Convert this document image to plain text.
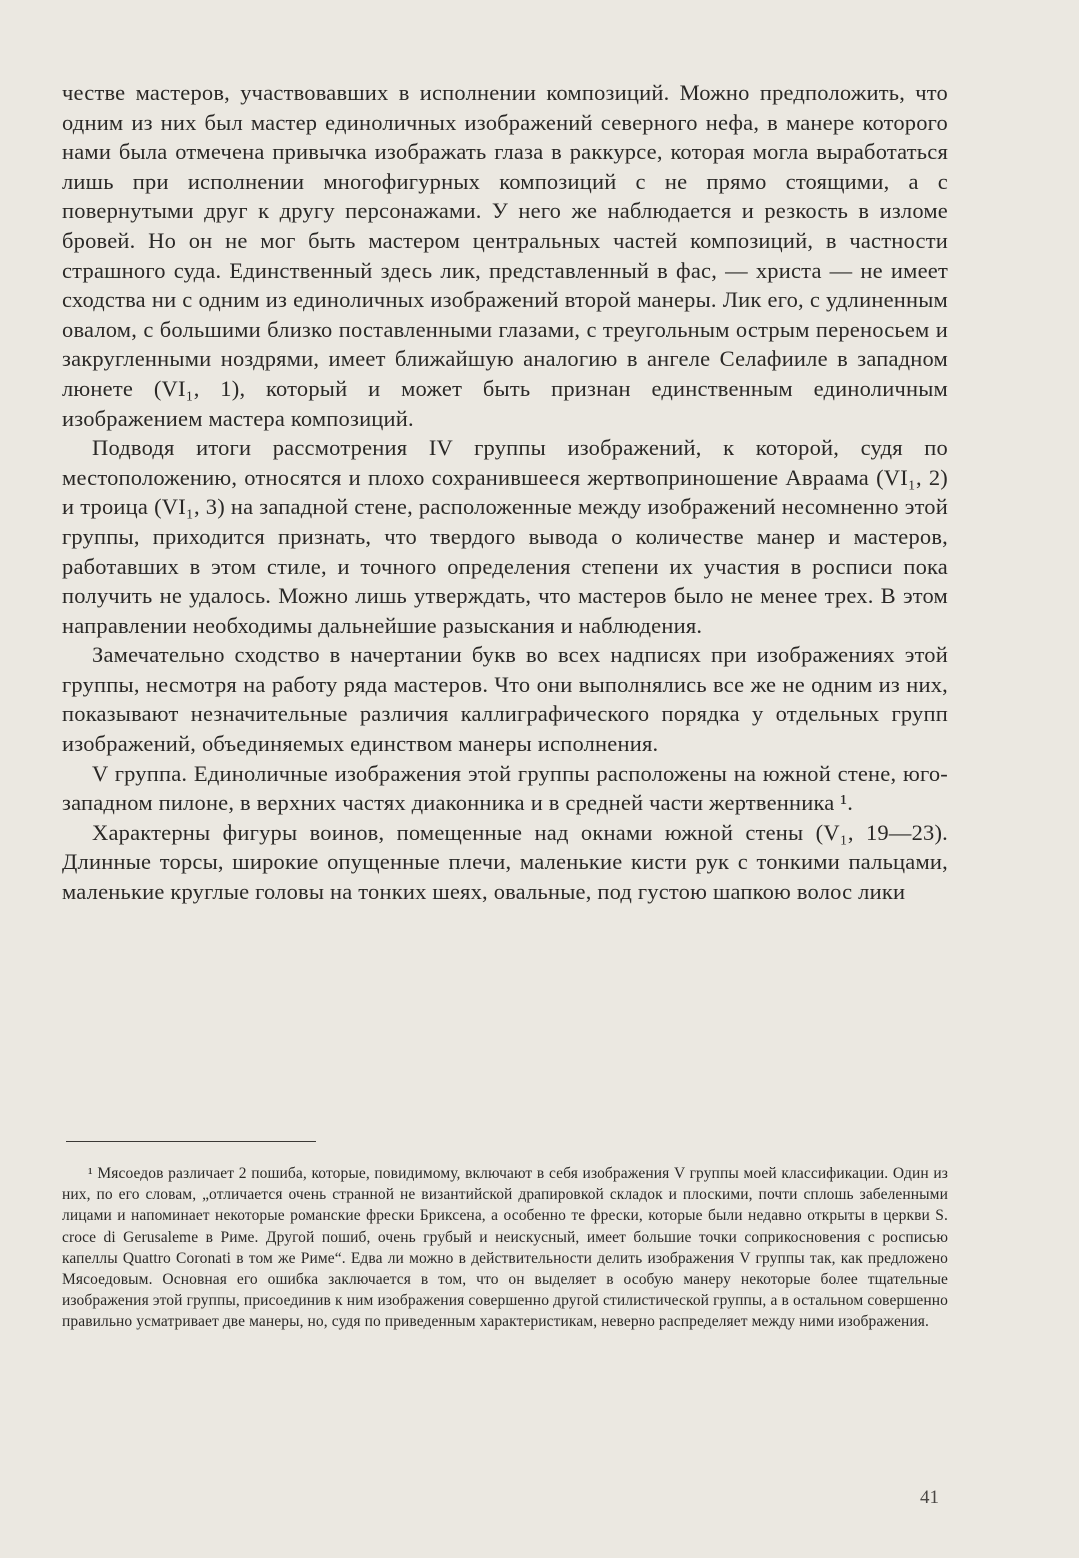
честве мастеров, участвовавших в исполнении композиций. Можно предположить, что одним из них был мастер единоличных изображений северного нефа, в манере которого нами была отмечена привычка изображать глаза в раккурсе, которая могла выработаться лишь при исполнении многофигурных композиций с не прямо стоящими, а с повернутыми друг к другу персонажами. У него же наблюдается и резкость в изломе бровей. Но он не мог быть мастером центральных частей композиций, в частности страшного суда. Единственный здесь лик, представленный в фас, — христа — не имеет сходства ни с одним из единоличных изображений второй манеры. Лик его, с удлиненным овалом, с большими близко поставленными глазами, с треугольным острым переносьем и закругленными ноздрями, имеет ближайшую аналогию в ангеле Селафииле в западном люнете (VI₁, 1), который и может быть признан единственным единоличным изображением мастера композиций.

Подводя итоги рассмотрения IV группы изображений, к которой, судя по местоположению, относятся и плохо сохранившееся жертвоприношение Авраама (VI₁, 2) и троица (VI₁, 3) на западной стене, расположенные между изображений несомненно этой группы, приходится признать, что твердого вывода о количестве манер и мастеров, работавших в этом стиле, и точного определения степени их участия в росписи пока получить не удалось. Можно лишь утверждать, что мастеров было не менее трех. В этом направлении необходимы дальнейшие разыскания и наблюдения.

Замечательно сходство в начертании букв во всех надписях при изображениях этой группы, несмотря на работу ряда мастеров. Что они выполнялись все же не одним из них, показывают незначительные различия каллиграфического порядка у отдельных групп изображений, объединяемых единством манеры исполнения.

V группа. Единоличные изображения этой группы расположены на южной стене, юго-западном пилоне, в верхних частях диаконника и в средней части жертвенника ¹.

Характерны фигуры воинов, помещенные над окнами южной стены (V₁, 19—23). Длинные торсы, широкие опущенные плечи, маленькие кисти рук с тонкими пальцами, маленькие круглые головы на тонких шеях, овальные, под густою шапкою волос лики

¹ Мясоедов различает 2 пошиба, которые, повидимому, включают в себя изображения V группы моей классификации. Один из них, по его словам, „отличается очень странной не византийской драпировкой складок и плоскими, почти сплошь забеленными лицами и напоминает некоторые романские фрески Бриксена, а особенно те фрески, которые были недавно открыты в церкви S. croce di Gerusaleme в Риме. Другой пошиб, очень грубый и неискусный, имеет большие точки соприкосновения с росписью капеллы Quattro Coronati в том же Риме“. Едва ли можно в действительности делить изображения V группы так, как предложено Мясоедовым. Основная его ошибка заключается в том, что он выделяет в особую манеру некоторые более тщательные изображения этой группы, присоединив к ним изображения совершенно другой стилистической группы, а в остальном совершенно правильно усматривает две манеры, но, судя по приведенным характеристикам, неверно распределяет между ними изображения.

41
